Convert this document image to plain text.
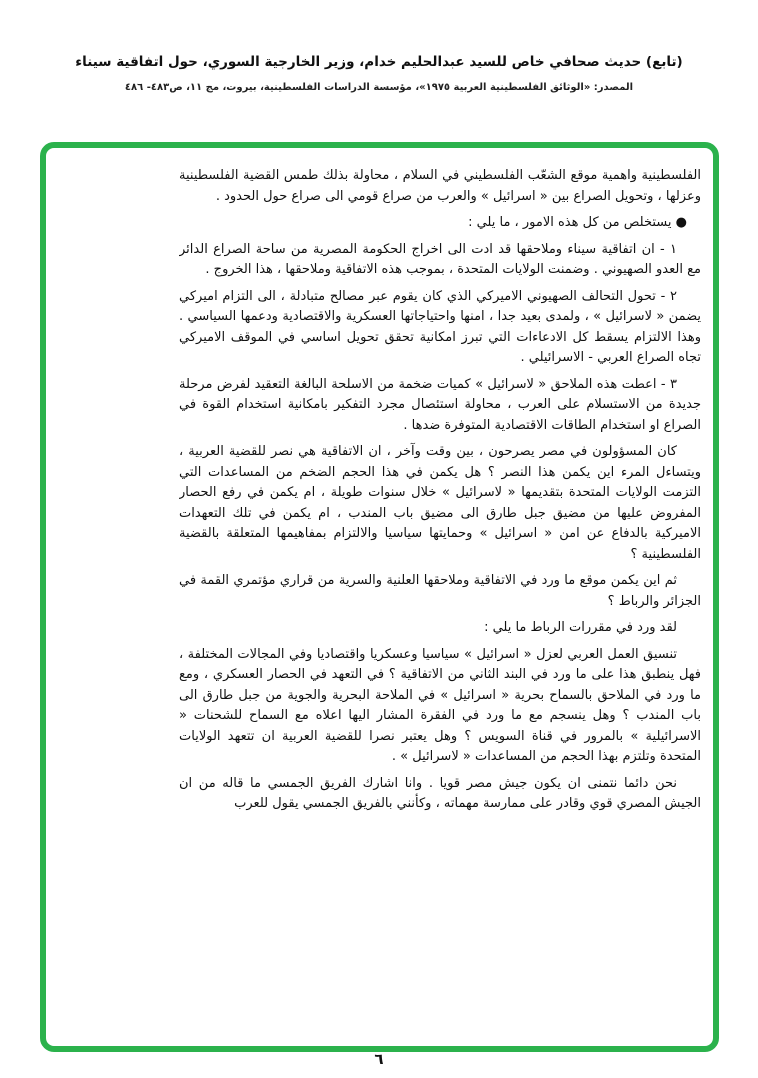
(تابع) حديث صحافي خاص للسيد عبدالحليم خدام، وزير الخارجية السوري، حول اتفاقية سيناء
المصدر: «الوثائق الفلسطينية العربية ١٩٧٥»، مؤسسة الدراسات الفلسطينية، بيروت، مج ١١، ص٤٨٣- ٤٨٦

الفلسطينية واهمية موقع الشعّب الفلسطيني في السلام ، محاولة بذلك طمس القضية الفلسطينية وعزلها ، وتحويل الصراع بين « اسرائيل » والعرب من صراع قومي الى صراع حول الحدود .

● يستخلص من كل هذه الامور ، ما يلي :

١ - ان اتفاقية سيناء وملاحقها قد ادت الى اخراج الحكومة المصرية من ساحة الصراع الدائر مع العدو الصهيوني . وضمنت الولايات المتحدة ، بموجب هذه الاتفاقية وملاحقها ، هذا الخروج .

٢ - تحول التحالف الصهيوني الاميركي الذي كان يقوم عبر مصالح متبادلة ، الى التزام اميركي يضمن « لاسرائيل » ، ولمدى بعيد جدا ، امنها واحتياجاتها العسكرية والاقتصادية ودعمها السياسي . وهذا الالتزام يسقط كل الادعاءات التي تبرز امكانية تحقق تحويل اساسي في الموقف الاميركي تجاه الصراع العربي - الاسرائيلي .

٣ - اعطت هذه الملاحق « لاسرائيل » كميات ضخمة من الاسلحة البالغة التعقيد لفرض مرحلة جديدة من الاستسلام على العرب ، محاولة استئصال مجرد التفكير بامكانية استخدام القوة في الصراع او استخدام الطاقات الاقتصادية المتوفرة ضدها .

كان المسؤولون في مصر يصرحون ، بين وقت وآخر ، ان الاتفاقية هي نصر للقضية العربية ، ويتساءل المرء اين يكمن هذا النصر ؟ هل يكمن في هذا الحجم الضخم من المساعدات التي التزمت الولايات المتحدة بتقديمها « لاسرائيل » خلال سنوات طويلة ، ام يكمن في رفع الحصار المفروض عليها من مضيق جبل طارق الى مضيق باب المندب ، ام يكمن في تلك التعهدات الاميركية بالدفاع عن امن « اسرائيل » وحمايتها سياسيا والالتزام بمفاهيمها المتعلقة بالقضية الفلسطينية ؟

ثم اين يكمن موقع ما ورد في الاتفاقية وملاحقها العلنية والسرية من قراري مؤتمري القمة في الجزائر والرباط ؟

لقد ورد في مقررات الرباط ما يلي :

تنسيق العمل العربي لعزل « اسرائيل » سياسيا وعسكريا واقتصاديا وفي المجالات المختلفة ، فهل ينطبق هذا على ما ورد في البند الثاني من الاتفاقية ؟ في التعهد في الحصار العسكري ، ومع ما ورد في الملاحق بالسماح بحرية « اسرائيل » في الملاحة البحرية والجوية من جبل طارق الى باب المندب ؟ وهل ينسجم مع ما ورد في الفقرة المشار اليها اعلاه مع السماح للشحنات « الاسرائيلية » بالمرور في قناة السويس ؟ وهل يعتبر نصرا للقضية العربية ان تتعهد الولايات المتحدة وتلتزم بهذا الحجم من المساعدات « لاسرائيل » .

نحن دائما نتمنى ان يكون جيش مصر قويا . وانا اشارك الفريق الجمسي ما قاله من ان الجيش المصري قوي وقادر على ممارسة مهماته ، وكأنني بالفريق الجمسي يقول للعرب

٦
